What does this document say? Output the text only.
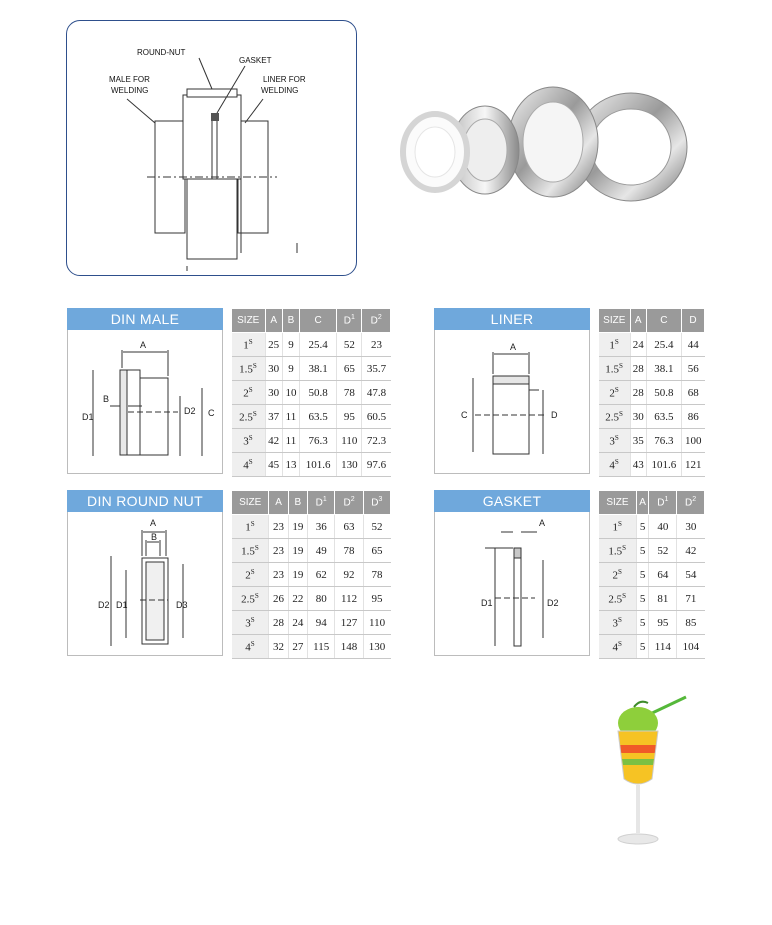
ROUND-NUT
GASKET
MALE FOR
WELDING
LINER FOR
WELDING
DIN MALE
A
B
C
D1
D2
SIZE	A	B	C	$D^1$	$D^2$
$1^S$	25	9	25.4	52	23
$1.5^S$	30	9	38.1	65	35.7
$2^S$	30	10	50.8	78	47.8
$2.5^S$	37	11	63.5	95	60.5
$3^S$	42	11	76.3	110	72.3
$4^S$	45	13	101.6	130	97.6
LINER
A
C	D
SIZE	A	C	D
$1^S$	24	25.4	44
$1.5^S$	28	38.1	56
$2^S$	28	50.8	68
$2.5^S$	30	63.5	86
$3^S$	35	76.3	100
$4^S$	43	101.6	121
DIN ROUND NUT
A
B
D1
D2	D3
SIZE	A	B	$D^1$	$D^2$	$D^3$
$1^S$	23	19	36	63	52
$1.5^S$	23	19	49	78	65
$2^S$	23	19	62	92	78
$2.5^S$	26	22	80	112	95
$3^S$	28	24	94	127	110
$4^S$	32	27	115	148	130
GASKET
A
D1	D2
SIZE	A	$D^1$	$D^2$
$1^S$	5	40	30
$1.5^S$	5	52	42
$2^S$	5	64	54
$2.5^S$	5	81	71
$3^S$	5	95	85
$4^S$	5	114	104
